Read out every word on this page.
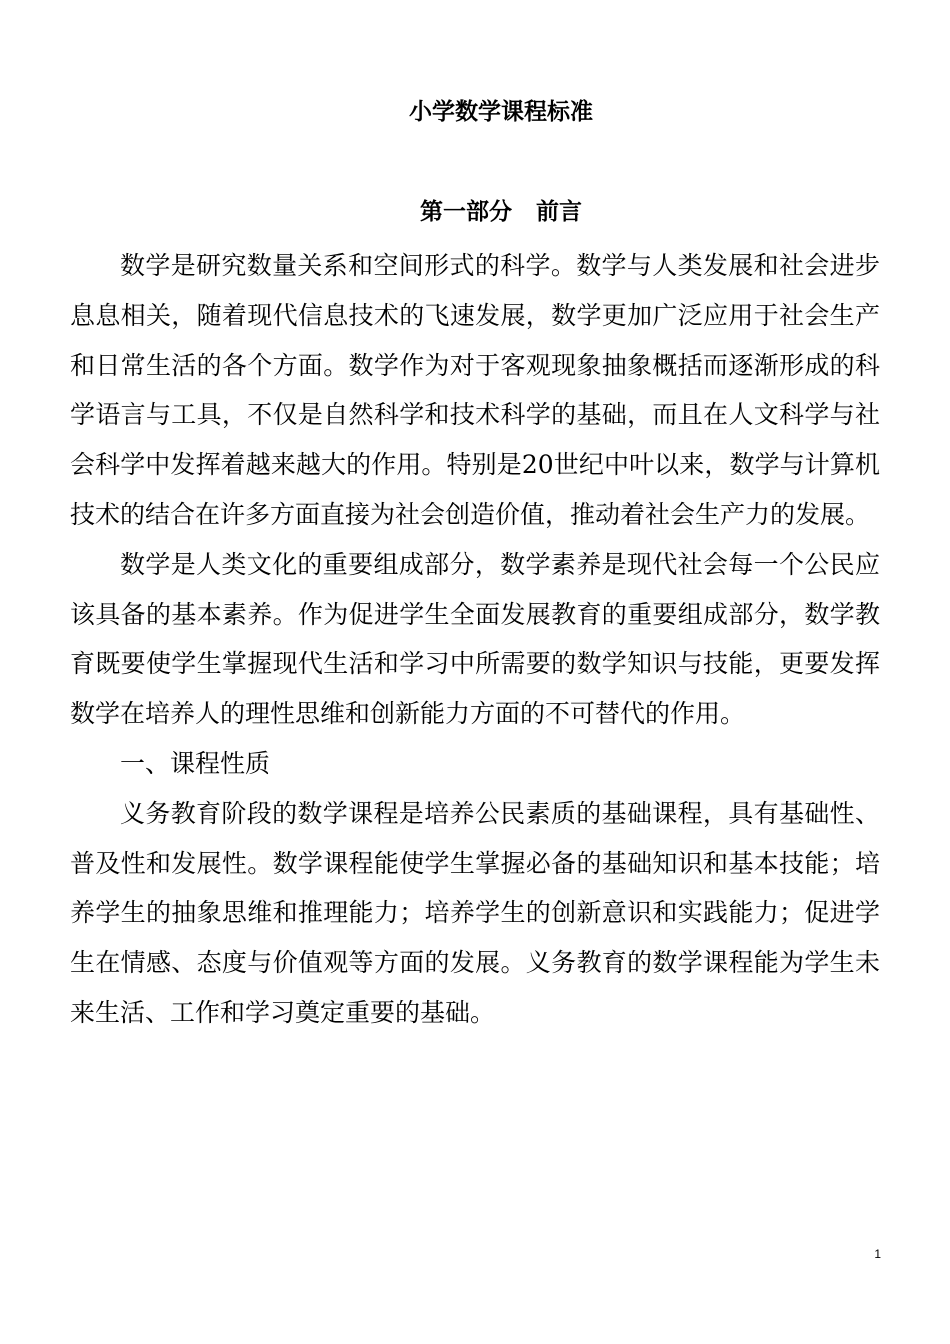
小学数学课程标准
第一部分   前言

数学是研究数量关系和空间形式的科学。数学与人类发展和社会进步息息相关，随着现代信息技术的飞速发展，数学更加广泛应用于社会生产和日常生活的各个方面。数学作为对于客观现象抽象概括而逐渐形成的科学语言与工具，不仅是自然科学和技术科学的基础，而且在人文科学与社会科学中发挥着越来越大的作用。特别是20世纪中叶以来，数学与计算机技术的结合在许多方面直接为社会创造价值，推动着社会生产力的发展。

数学是人类文化的重要组成部分，数学素养是现代社会每一个公民应该具备的基本素养。作为促进学生全面发展教育的重要组成部分，数学教育既要使学生掌握现代生活和学习中所需要的数学知识与技能，更要发挥数学在培养人的理性思维和创新能力方面的不可替代的作用。

一、课程性质

义务教育阶段的数学课程是培养公民素质的基础课程，具有基础性、普及性和发展性。数学课程能使学生掌握必备的基础知识和基本技能；培养学生的抽象思维和推理能力；培养学生的创新意识和实践能力；促进学生在情感、态度与价值观等方面的发展。义务教育的数学课程能为学生未来生活、工作和学习奠定重要的基础。

1
